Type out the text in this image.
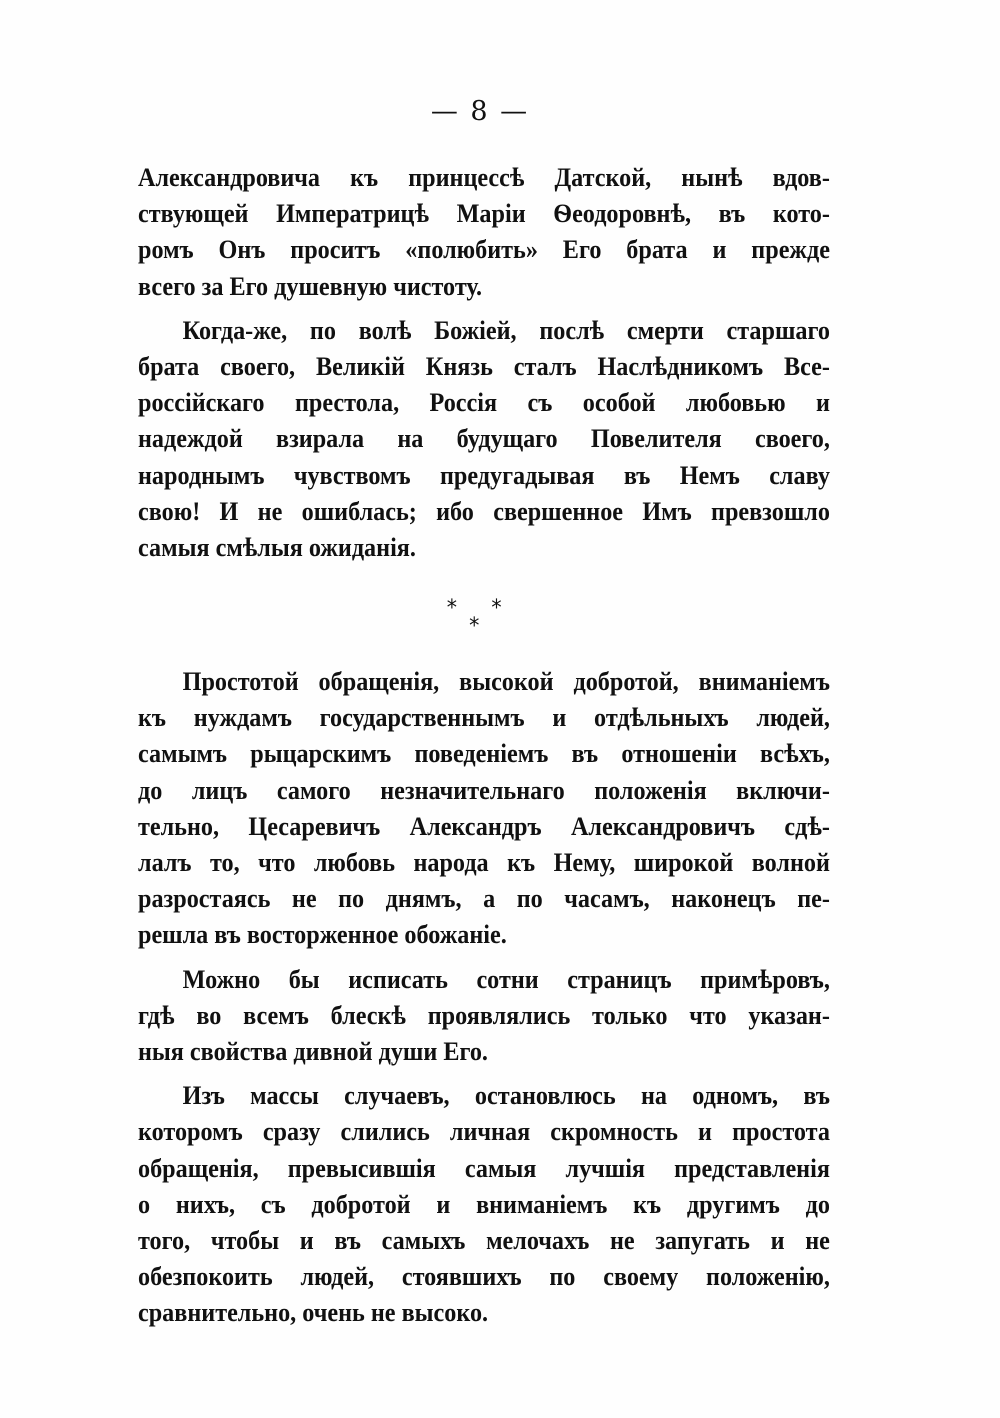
— 8 —
Александровича къ принцессѣ Датской, нынѣ вдов-
ствующей Императрицѣ Маріи Ѳеодоровнѣ, въ кото-
ромъ Онъ проситъ «полюбить» Его брата и прежде
всего за Его душевную чистоту.
Когда-же, по волѣ Божіей, послѣ смерти старшаго
брата своего, Великій Князь сталъ Наслѣдникомъ Все-
россійскаго престола, Россія съ особой любовью и
надеждой взирала на будущаго Повелителя своего,
народнымъ чувствомъ предугадывая въ Немъ славу
свою! И не ошиблась; ибо свершенное Имъ превзошло
самыя смѣлыя ожиданія.
* *
*
Простотой обращенія, высокой добротой, вниманіемъ
къ нуждамъ государственнымъ и отдѣльныхъ людей,
самымъ рыцарскимъ поведеніемъ въ отношеніи всѣхъ,
до лицъ самого незначительнаго положенія включи-
тельно, Цесаревичъ Александръ Александровичъ сдѣ-
лалъ то, что любовь народа къ Нему, широкой волной
разростаясь не по днямъ, а по часамъ, наконецъ пе-
решла въ восторженное обожаніе.
Можно бы исписать сотни страницъ примѣровъ,
гдѣ во всемъ блескѣ проявлялись только что указан-
ныя свойства дивной души Его.
Изъ массы случаевъ, остановлюсь на одномъ, въ
которомъ сразу слились личная скромность и простота
обращенія, превысившія самыя лучшія представленія
о нихъ, съ добротой и вниманіемъ къ другимъ до
того, чтобы и въ самыхъ мелочахъ не запугать и не
обезпокоить людей, стоявшихъ по своему положенію,
сравнительно, очень не высоко.
